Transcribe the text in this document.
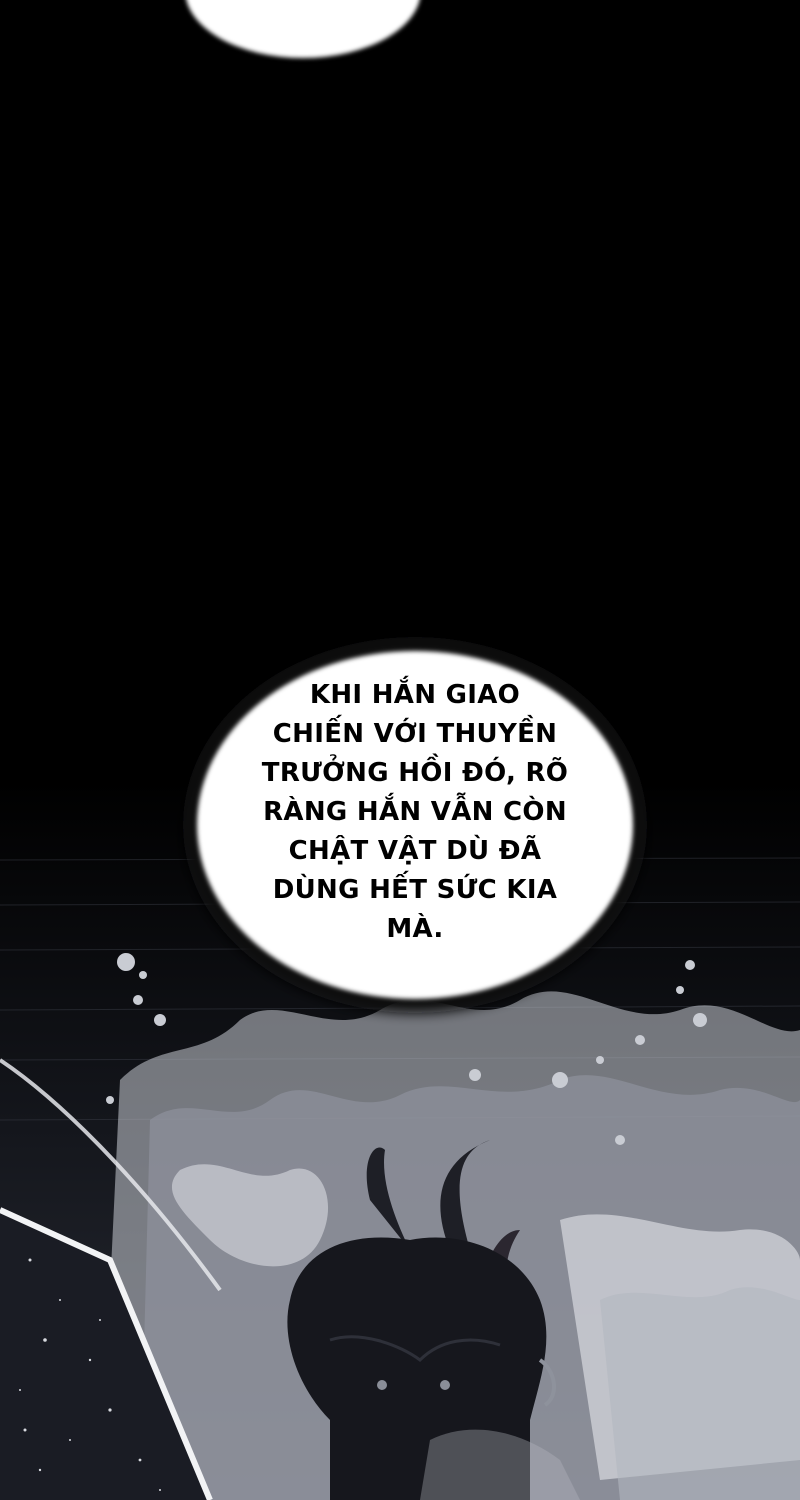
KHI HẮN GIAO
CHIẾN VỚI THUYỀN
TRƯỞNG HỒI ĐÓ, RÕ
RÀNG HẮN VẪN CÒN
CHẬT VẬT DÙ ĐÃ
DÙNG HẾT SỨC KIA
MÀ.
